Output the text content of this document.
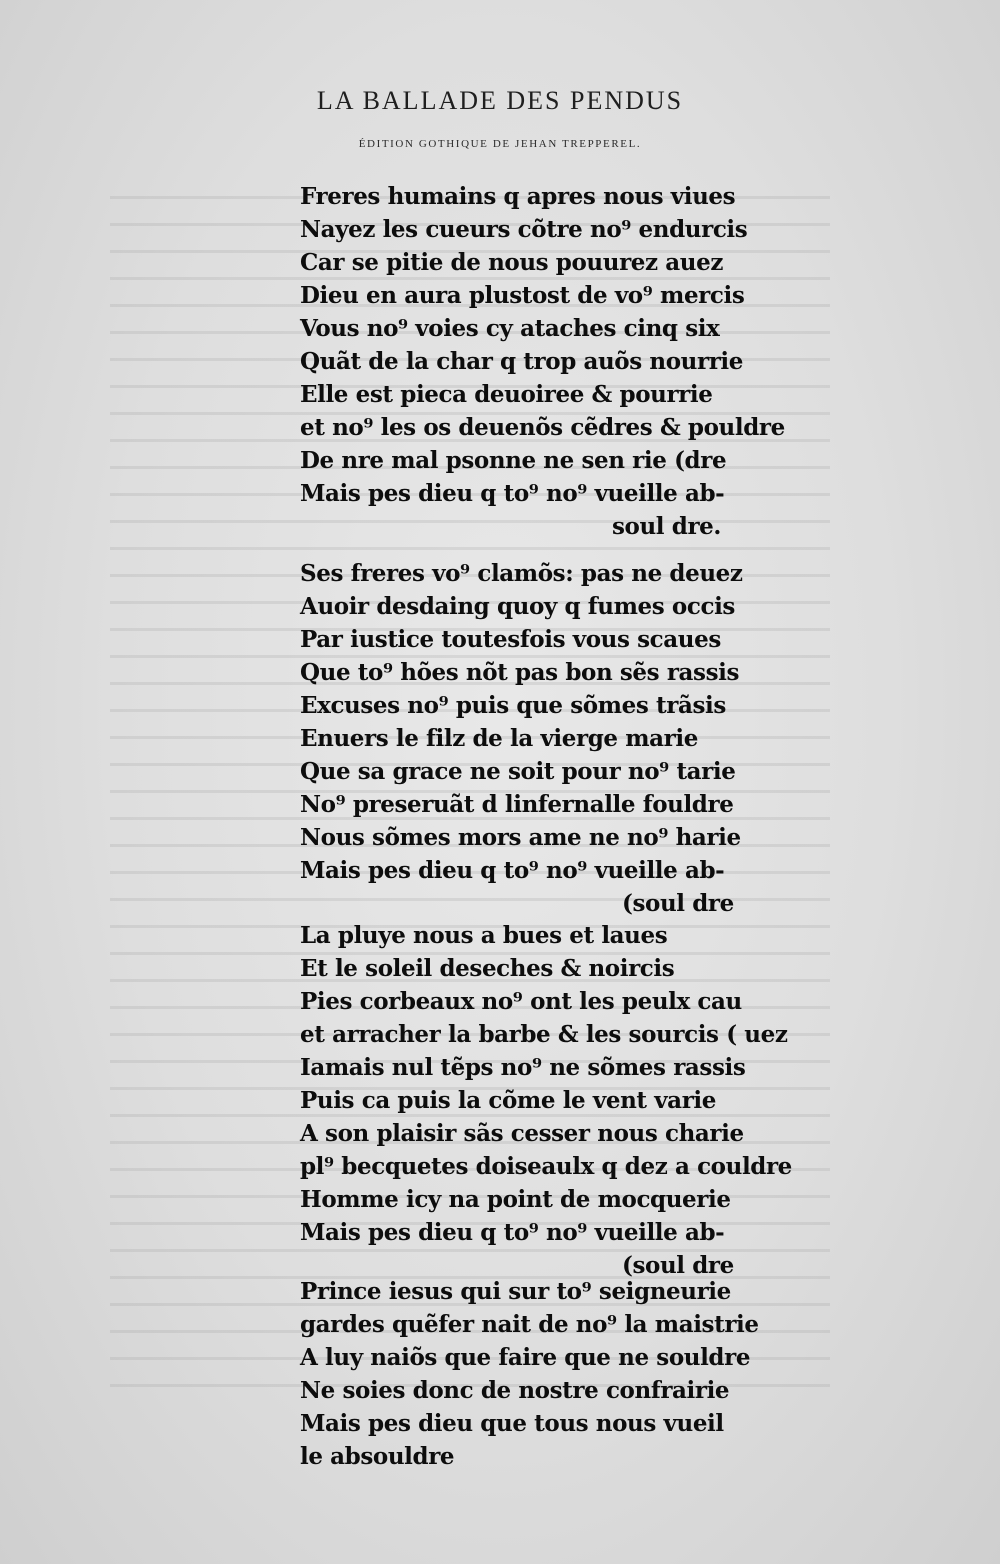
LA BALLADE DES PENDUS
ÉDITION GOTHIQUE DE JEHAN TREPPEREL.
Freres humains q apres nous viues
Nayez les cueurs cõtre no⁹ endurcis
Car se pitie de nous pouurez auez
Dieu en aura plustost de vo⁹ mercis
Vous no⁹ voies cy ataches cinq six
Quãt de la char q trop auõs nourrie
Elle est pieca deuoiree & pourrie
et no⁹ les os deuenõs cẽdres & pouldre
De nre mal psonne ne sen rie (dre
Mais pes dieu q to⁹ no⁹ vueille ab-
soul dre.
Ses freres vo⁹ clamõs: pas ne deuez
Auoir desdaing quoy q fumes occis
Par iustice toutesfois vous scaues
Que to⁹ hões nõt pas bon sẽs rassis
Excuses no⁹ puis que sõmes trãsis
Enuers le filz de la vierge marie
Que sa grace ne soit pour no⁹ tarie
No⁹ preseruãt d linfernalle fouldre
Nous sõmes mors ame ne no⁹ harie
Mais pes dieu q to⁹ no⁹ vueille ab-
(soul dre
La pluye nous a bues et laues
Et le soleil deseches & noircis
Pies corbeaux no⁹ ont les peulx cau
et arracher la barbe & les sourcis ( uez
Iamais nul tẽps no⁹ ne sõmes rassis
Puis ca puis la cõme le vent varie
A son plaisir sãs cesser nous charie
pl⁹ becquetes doiseaulx q dez a couldre
Homme icy na point de mocquerie
Mais pes dieu q to⁹ no⁹ vueille ab-
(soul dre
Prince iesus qui sur to⁹ seigneurie
gardes quẽfer nait de no⁹ la maistrie
A luy naiõs que faire que ne souldre
Ne soies donc de nostre confrairie
Mais pes dieu que tous nous vueil
le absouldre
